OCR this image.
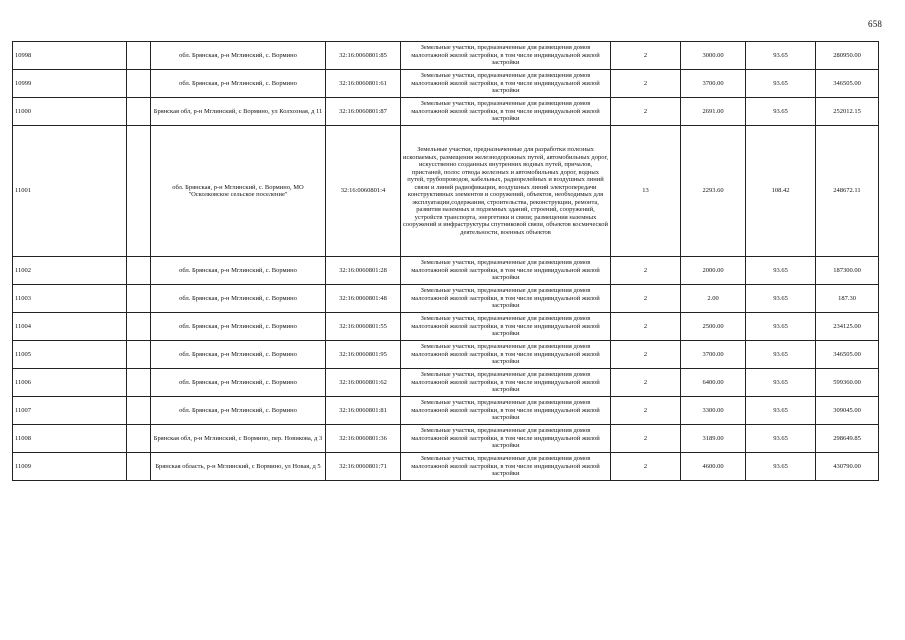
658
10998		обл. Брянская, р-н Мглинский, с. Вормино	32:16:0060801:85	Земельные участки, предназначенные для размещения домов малоэтажной жилой застройки, в том числе индивидуальной жилой застройки	2	3000.00	93.65	280950.00
10999		обл. Брянская, р-н Мглинский, с. Вормино	32:16:0060801:61	Земельные участки, предназначенные для размещения домов малоэтажной жилой застройки, в том числе индивидуальной жилой застройки	2	3700.00	93.65	346505.00
11000		Брянская обл, р-н Мглинский, с Вормино, ул Колхозная, д 11	32:16:0060801:87	Земельные участки, предназначенные для размещения домов малоэтажной жилой застройки, в том числе индивидуальной жилой застройки	2	2691.00	93.65	252012.15
11001		обл. Брянская, р-н Мглинский, с. Вормино, МО "Осколковское сельское поселение"	32:16:0060801:4	Земельные участки, предназначенные для разработки полезных ископаемых, размещения железнодорожных путей, автомобильных дорог, искусственно созданных внутренних водных путей, причалов, пристаней, полос отвода железных и автомобильных дорог, водных путей, трубопроводов, кабельных, радиорелейных и воздушных линий связи и линий радиофикации, воздушных линий электропередачи конструктивных элементов и сооружений, объектов, необходимых для эксплуатации,содержания, строительства, реконструкции, ремонта, развития наземных и подземных зданий, строений, сооружений, устройств транспорта, энергетики и связи; размещения наземных сооружений и инфраструктуры спутниковой связи, объектов космической деятельности, военных объектов	13	2293.60	108.42	248672.11
11002		обл. Брянская, р-н Мглинский, с. Вормино	32:16:0060801:28	Земельные участки, предназначенные для размещения домов малоэтажной жилой застройки, в том числе индивидуальной жилой застройки	2	2000.00	93.65	187300.00
11003		обл. Брянская, р-н Мглинский, с. Вормино	32:16:0060801:48	Земельные участки, предназначенные для размещения домов малоэтажной жилой застройки, в том числе индивидуальной жилой застройки	2	2.00	93.65	187.30
11004		обл. Брянская, р-н Мглинский, с. Вормино	32:16:0060801:55	Земельные участки, предназначенные для размещения домов малоэтажной жилой застройки, в том числе индивидуальной жилой застройки	2	2500.00	93.65	234125.00
11005		обл. Брянская, р-н Мглинский, с. Вормино	32:16:0060801:95	Земельные участки, предназначенные для размещения домов малоэтажной жилой застройки, в том числе индивидуальной жилой застройки	2	3700.00	93.65	346505.00
11006		обл. Брянская, р-н Мглинский, с. Вормино	32:16:0060801:62	Земельные участки, предназначенные для размещения домов малоэтажной жилой застройки, в том числе индивидуальной жилой застройки	2	6400.00	93.65	599360.00
11007		обл. Брянская, р-н Мглинский, с. Вормино	32:16:0060801:81	Земельные участки, предназначенные для размещения домов малоэтажной жилой застройки, в том числе индивидуальной жилой застройки	2	3300.00	93.65	309045.00
11008		Брянская обл, р-н Мглинский, с Вормино, пер. Новикова, д 3	32:16:0060801:36	Земельные участки, предназначенные для размещения домов малоэтажной жилой застройки, в том числе индивидуальной жилой застройки	2	3189.00	93.65	298649.85
11009		Брянская область, р-н Мглинский, с Вормино, ул Новая, д 5	32:16:0060801:71	Земельные участки, предназначенные для размещения домов малоэтажной жилой застройки, в том числе индивидуальной жилой застройки	2	4600.00	93.65	430790.00
